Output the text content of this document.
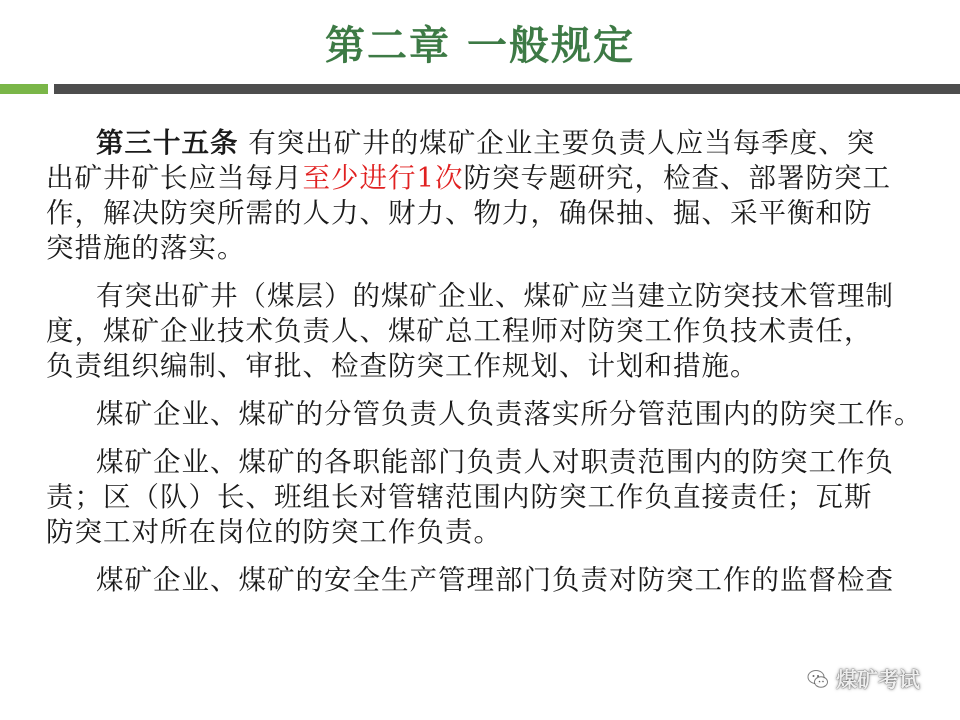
第二章 一般规定
第三十五条 有突出矿井的煤矿企业主要负责人应当每季度、突
出矿井矿长应当每月至少进行1次防突专题研究，检查、部署防突工
作，解决防突所需的人力、财力、物力，确保抽、掘、采平衡和防
突措施的落实。
有突出矿井（煤层）的煤矿企业、煤矿应当建立防突技术管理制
度，煤矿企业技术负责人、煤矿总工程师对防突工作负技术责任，
负责组织编制、审批、检查防突工作规划、计划和措施。
煤矿企业、煤矿的分管负责人负责落实所分管范围内的防突工作。
煤矿企业、煤矿的各职能部门负责人对职责范围内的防突工作负
责；区（队）长、班组长对管辖范围内防突工作负直接责任；瓦斯
防突工对所在岗位的防突工作负责。
煤矿企业、煤矿的安全生产管理部门负责对防突工作的监督检查
煤矿考试
